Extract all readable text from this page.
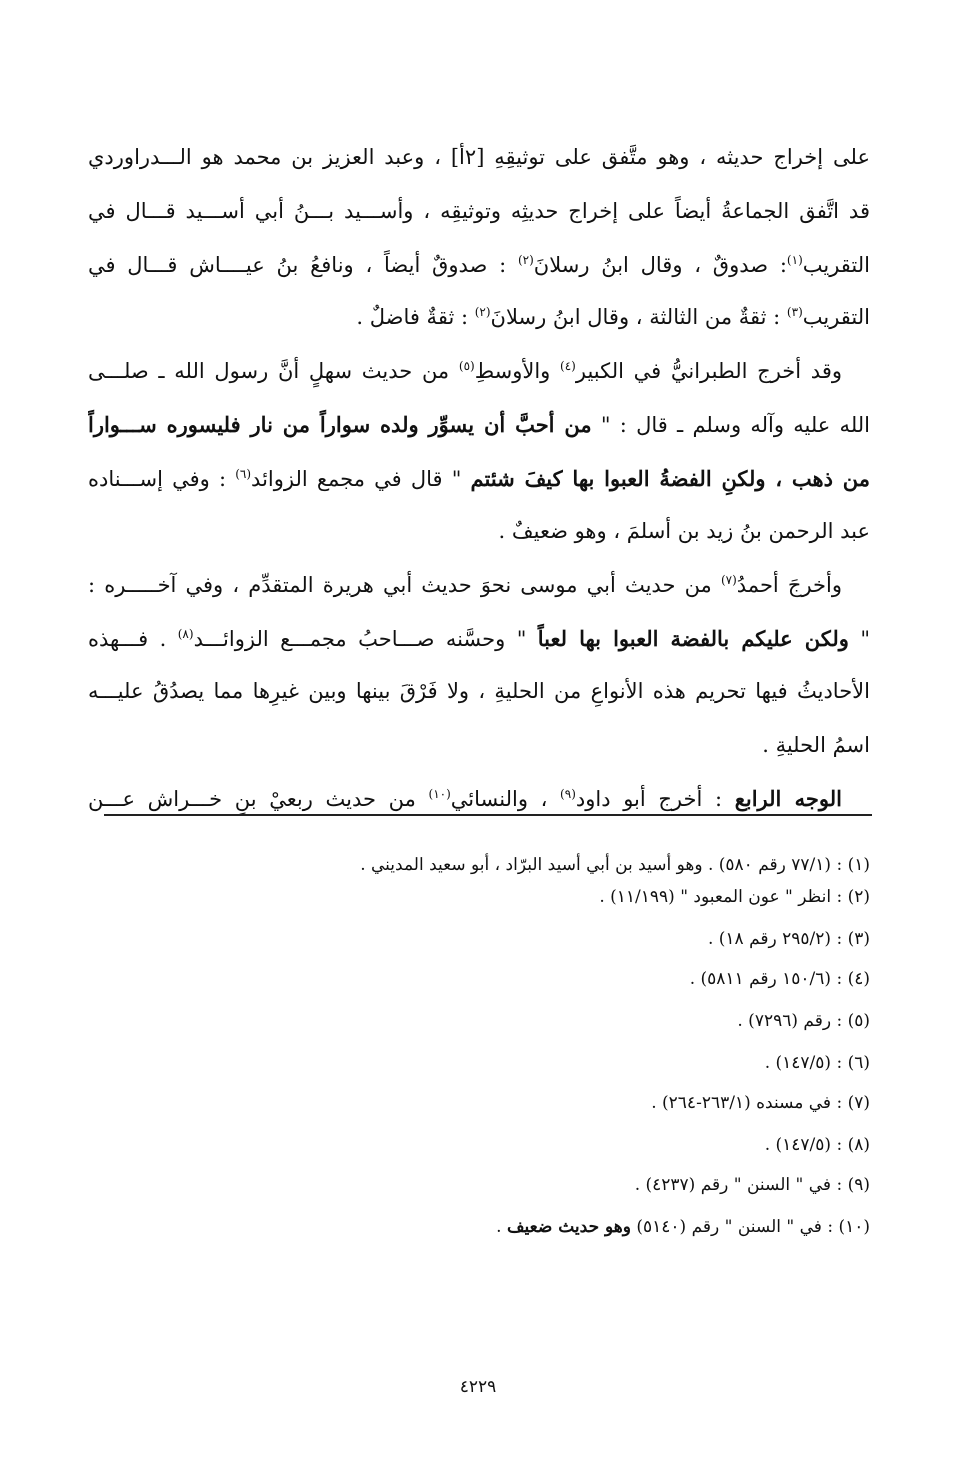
على إخراج حديثه ، وهو متَّفق على توثيقِهِ [٢أ] ، وعبد العزيز بن محمد هو الـــدراوردي
قد اتَّفق الجماعةُ أيضاً على إخراج حديثِه وتوثيقِه ، وأســـيد بـــنُ أبي أســـيد قـــال في
التقريب$^{(١)}$: صدوقٌ ، وقال ابنُ رسلانَ$^{(٢)}$ : صدوقٌ أيضاً ، ونافعُ بنُ عيــــاش قـــال في
التقريب$^{(٣)}$ : ثقةٌ من الثالثة ، وقال ابنُ رسلانَ$^{(٢)}$ : ثقةٌ فاضلٌ .
وقد أخرج الطبرانيُّ في الكبير$^{(٤)}$ والأوسطِ$^{(٥)}$ من حديث سهلٍ أنَّ رسول الله ـ صلـــى
الله عليه وآله وسلم ـ قال : " من أحبَّ أن يسوِّر ولده سواراً من نار فليسوره ســـواراً
من ذهب ، ولكنِ الفضةُ العبوا بها كيفَ شئتم " قال في مجمع الزوائد$^{(٦)}$ : وفي إســـناده
عبد الرحمن بنُ زيد بن أسلمَ ، وهو ضعيفٌ .
وأخرجَ أحمدُ$^{(٧)}$ من حديث أبي موسى نحوَ حديث أبي هريرة المتقدِّم ، وفي آخـــــره :
" ولكن عليكم بالفضة العبوا بها لعباً " وحسَّنه صـــاحبُ مجمـــع الزوائـــد$^{(٨)}$ . فـــهذه
الأحاديثُ فيها تحريم هذه الأنواعِ من الحليةِ ، ولا فَرْقَ بينها وبين غيرِها مما يصدُقُ عليـــه
اسمُ الحليةِ .
الوجه الرابع : أخرج أبو داود$^{(٩)}$ ، والنسائي$^{(١٠)}$ من حديث ربعيْ بنِ خـــراش عـــن
(١) : (٧٧/١ رقم ٥٨٠) . وهو أسيد بن أبي أسيد البرّاد ، أبو سعيد المديني .
(٢) : انظر " عون المعبود " (١١/١٩٩) .
(٣) : (٢٩٥/٢ رقم ١٨) .
(٤) : (١٥٠/٦ رقم ٥٨١١) .
(٥) : رقم (٧٢٩٦) .
(٦) : (١٤٧/٥) .
(٧) : في مسنده (٢٦٣/١-٢٦٤) .
(٨) : (١٤٧/٥) .
(٩) : في " السنن " رقم (٤٢٣٧) .
(١٠) : في " السنن " رقم (٥١٤٠) وهو حديث ضعيف .
٤٢٢٩
